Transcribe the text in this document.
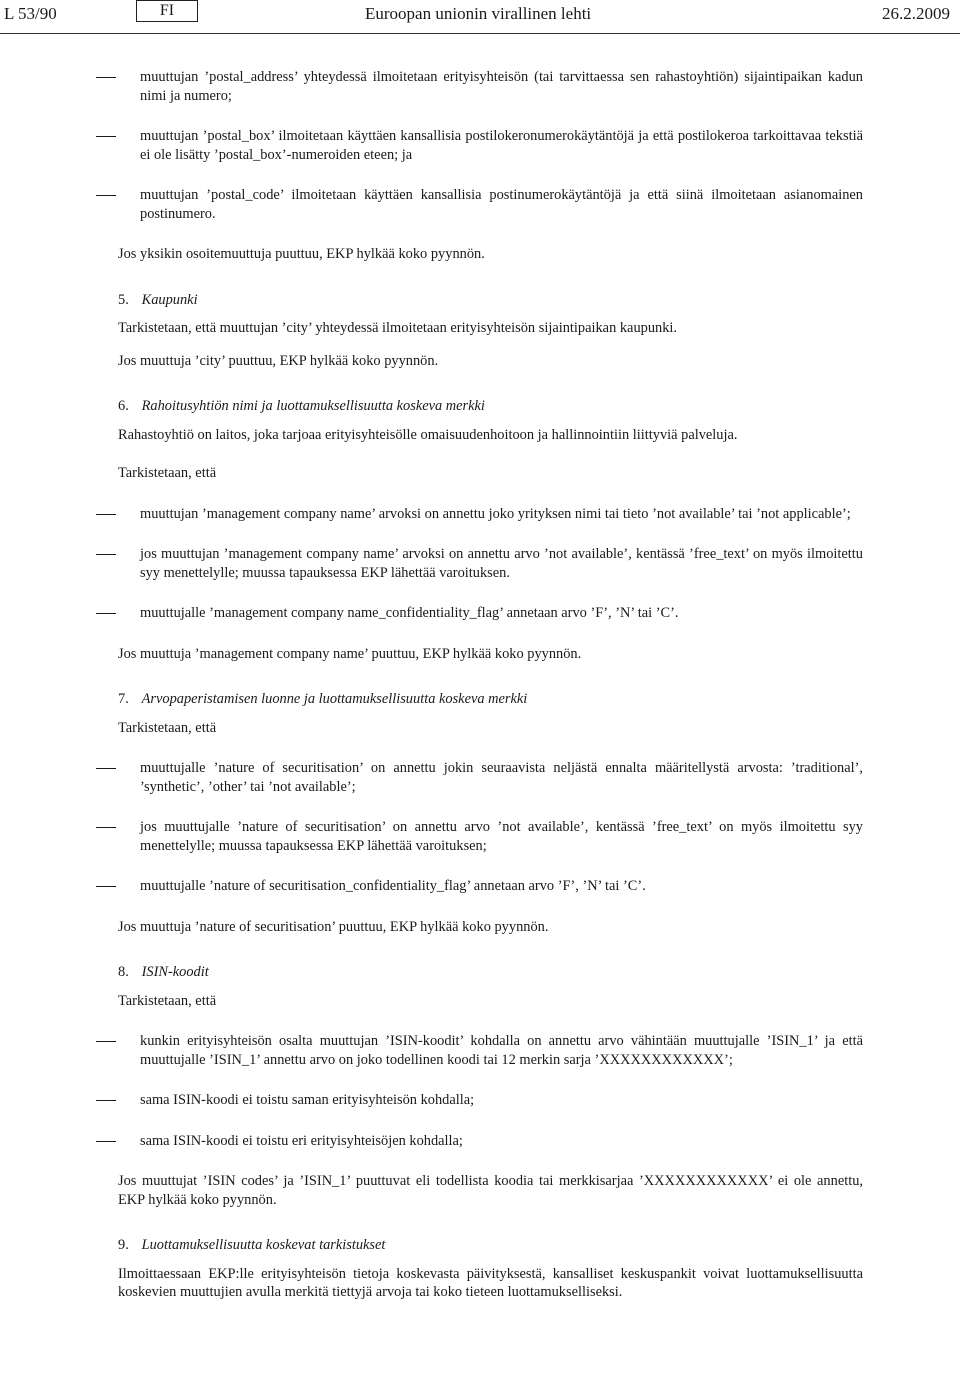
L 53/90	FI	Euroopan unionin virallinen lehti	26.2.2009

muuttujan ’postal_address’ yhteydessä ilmoitetaan erityisyhteisön (tai tarvittaessa sen rahastoyhtiön) sijaintipaikan kadun nimi ja numero;

muuttujan ’postal_box’ ilmoitetaan käyttäen kansallisia postilokeronumerokäytäntöjä ja että postilokeroa tarkoittavaa tekstiä ei ole lisätty ’postal_box’-numeroiden eteen; ja

muuttujan ’postal_code’ ilmoitetaan käyttäen kansallisia postinumerokäytäntöjä ja että siinä ilmoitetaan asianomainen postinumero.

Jos yksikin osoitemuuttuja puuttuu, EKP hylkää koko pyynnön.

5. Kaupunki

Tarkistetaan, että muuttujan ’city’ yhteydessä ilmoitetaan erityisyhteisön sijaintipaikan kaupunki.

Jos muuttuja ’city’ puuttuu, EKP hylkää koko pyynnön.

6. Rahoitusyhtiön nimi ja luottamuksellisuutta koskeva merkki

Rahastoyhtiö on laitos, joka tarjoaa erityisyhteisölle omaisuudenhoitoon ja hallinnointiin liittyviä palveluja.

Tarkistetaan, että

muuttujan ’management company name’ arvoksi on annettu joko yrityksen nimi tai tieto ’not available’ tai ’not applicable’;

jos muuttujan ’management company name’ arvoksi on annettu arvo ’not available’, kentässä ’free_text’ on myös ilmoitettu syy menettelylle; muussa tapauksessa EKP lähettää varoituksen.

muuttujalle ’management company name_confidentiality_flag’ annetaan arvo ’F’, ’N’ tai ’C’.

Jos muuttuja ’management company name’ puuttuu, EKP hylkää koko pyynnön.

7. Arvopaperistamisen luonne ja luottamuksellisuutta koskeva merkki

Tarkistetaan, että

muuttujalle ’nature of securitisation’ on annettu jokin seuraavista neljästä ennalta määritellystä arvosta: ’traditional’, ’synthetic’, ’other’ tai ’not available’;

jos muuttujalle ’nature of securitisation’ on annettu arvo ’not available’, kentässä ’free_text’ on myös ilmoitettu syy menettelylle; muussa tapauksessa EKP lähettää varoituksen;

muuttujalle ’nature of securitisation_confidentiality_flag’ annetaan arvo ’F’, ’N’ tai ’C’.

Jos muuttuja ’nature of securitisation’ puuttuu, EKP hylkää koko pyynnön.

8. ISIN-koodit

Tarkistetaan, että

kunkin erityisyhteisön osalta muuttujan ’ISIN-koodit’ kohdalla on annettu arvo vähintään muuttujalle ’ISIN_1’ ja että muuttujalle ’ISIN_1’ annettu arvo on joko todellinen koodi tai 12 merkin sarja ’XXXXXXXXXXXX’;

sama ISIN-koodi ei toistu saman erityisyhteisön kohdalla;

sama ISIN-koodi ei toistu eri erityisyhteisöjen kohdalla;

Jos muuttujat ’ISIN codes’ ja ’ISIN_1’ puuttuvat eli todellista koodia tai merkkisarjaa ’XXXXXXXXXXXX’ ei ole annettu, EKP hylkää koko pyynnön.

9. Luottamuksellisuutta koskevat tarkistukset

Ilmoittaessaan EKP:lle erityisyhteisön tietoja koskevasta päivityksestä, kansalliset keskuspankit voivat luottamuksellisuutta koskevien muuttujien avulla merkitä tiettyjä arvoja tai koko tieteen luottamukselliseksi.
